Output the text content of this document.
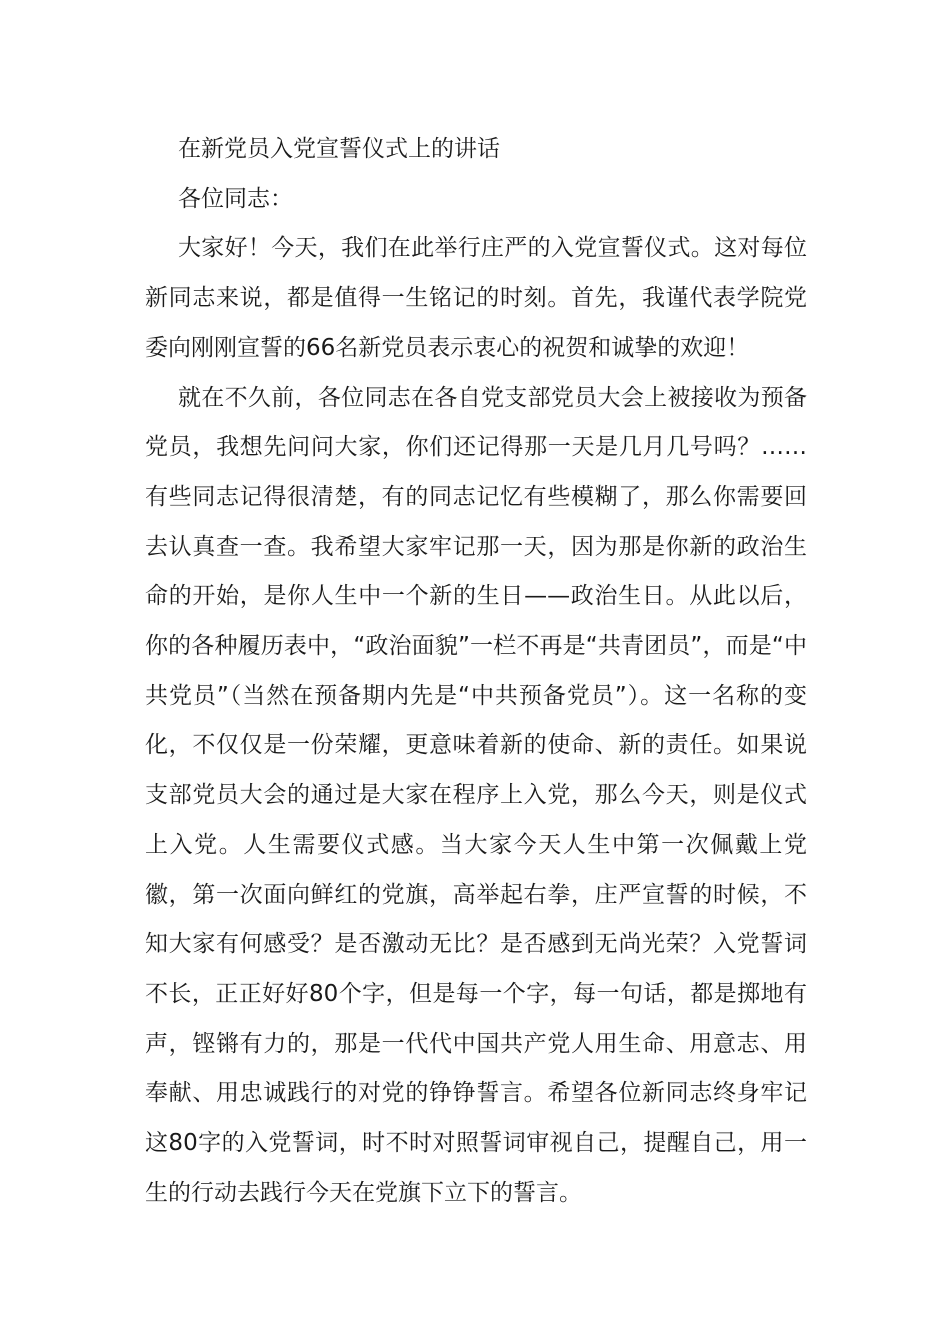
在新党员入党宣誓仪式上的讲话

各位同志：

大家好！今天，我们在此举行庄严的入党宣誓仪式。这对每位新同志来说，都是值得一生铭记的时刻。首先，我谨代表学院党委向刚刚宣誓的66名新党员表示衷心的祝贺和诚挚的欢迎！

就在不久前，各位同志在各自党支部党员大会上被接收为预备党员，我想先问问大家，你们还记得那一天是几月几号吗？……有些同志记得很清楚，有的同志记忆有些模糊了，那么你需要回去认真查一查。我希望大家牢记那一天，因为那是你新的政治生命的开始，是你人生中一个新的生日——政治生日。从此以后，你的各种履历表中，“政治面貌”一栏不再是“共青团员”，而是“中共党员”（当然在预备期内先是“中共预备党员”）。这一名称的变化，不仅仅是一份荣耀，更意味着新的使命、新的责任。如果说支部党员大会的通过是大家在程序上入党，那么今天，则是仪式上入党。人生需要仪式感。当大家今天人生中第一次佩戴上党徽，第一次面向鲜红的党旗，高举起右拳，庄严宣誓的时候，不知大家有何感受？是否激动无比？是否感到无尚光荣？入党誓词不长，正正好好80个字，但是每一个字，每一句话，都是掷地有声，铿锵有力的，那是一代代中国共产党人用生命、用意志、用奉献、用忠诚践行的对党的铮铮誓言。希望各位新同志终身牢记这80字的入党誓词，时不时对照誓词审视自己，提醒自己，用一生的行动去践行今天在党旗下立下的誓言。
